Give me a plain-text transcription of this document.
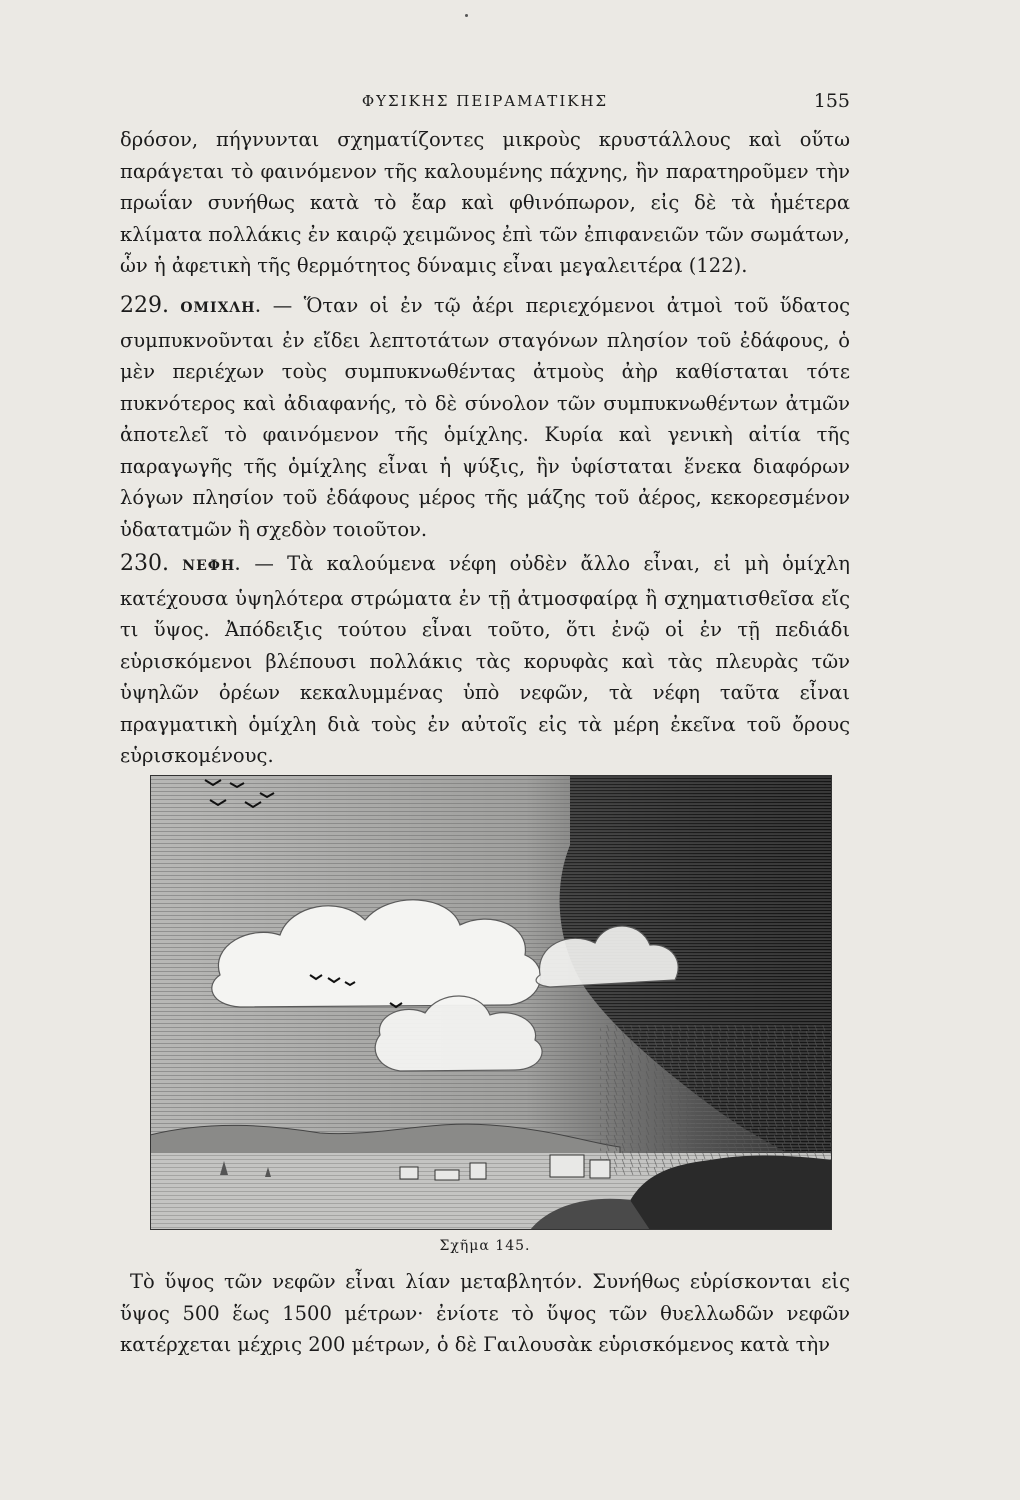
ΦΥΣΙΚΗΣ ΠΕΙΡΑΜΑΤΙΚΗΣ	155

δρόσον, πήγνυνται σχηματίζοντες μικροὺς κρυστάλλους καὶ οὕτω παράγεται τὸ φαινόμενον τῆς καλουμένης πάχνης, ἣν παρατηροῦμεν τὴν πρωΐαν συνήθως κατὰ τὸ ἔαρ καὶ φθινόπωρον, εἰς δὲ τὰ ἡμέτερα κλίματα πολλάκις ἐν καιρῷ χειμῶνος ἐπὶ τῶν ἐπιφανειῶν τῶν σωμάτων, ὧν ἡ ἀφετικὴ τῆς θερμότητος δύναμις εἶναι μεγαλειτέρα (122).

229. ΟΜΙΧΛΗ. — Ὅταν οἱ ἐν τῷ ἀέρι περιεχόμενοι ἀτμοὶ τοῦ ὕδατος συμπυκνοῦνται ἐν εἴδει λεπτοτάτων σταγόνων πλησίον τοῦ ἐδάφους, ὁ μὲν περιέχων τοὺς συμπυκνωθέντας ἀτμοὺς ἀὴρ καθίσταται τότε πυκνότερος καὶ ἀδιαφανής, τὸ δὲ σύνολον τῶν συμπυκνωθέντων ἀτμῶν ἀποτελεῖ τὸ φαινόμενον τῆς ὁμίχλης. Κυρία καὶ γενικὴ αἰτία τῆς παραγωγῆς τῆς ὁμίχλης εἶναι ἡ ψύξις, ἣν ὑφίσταται ἕνεκα διαφόρων λόγων πλησίον τοῦ ἐδάφους μέρος τῆς μάζης τοῦ ἀέρος, κεκορεσμένον ὑδατατμῶν ἢ σχεδὸν τοιοῦτον.

230. ΝΕΦΗ. — Τὰ καλούμενα νέφη οὐδὲν ἄλλο εἶναι, εἰ μὴ ὁμίχλη κατέχουσα ὑψηλότερα στρώματα ἐν τῇ ἀτμοσφαίρᾳ ἢ σχηματισθεῖσα εἴς τι ὕψος. Ἀπόδειξις τούτου εἶναι τοῦτο, ὅτι ἐνῷ οἱ ἐν τῇ πεδιάδι εὑρισκόμενοι βλέπουσι πολλάκις τὰς κορυφὰς καὶ τὰς πλευρὰς τῶν ὑψηλῶν ὀρέων κεκαλυμμένας ὑπὸ νεφῶν, τὰ νέφη ταῦτα εἶναι πραγματικὴ ὁμίχλη διὰ τοὺς ἐν αὐτοῖς εἰς τὰ μέρη ἐκεῖνα τοῦ ὄρους εὑρισκομένους.

Σχῆμα 145.

Τὸ ὕψος τῶν νεφῶν εἶναι λίαν μεταβλητόν. Συνήθως εὑρίσκονται εἰς ὕψος 500 ἕως 1500 μέτρων· ἐνίοτε τὸ ὕψος τῶν θυελλωδῶν νεφῶν κατέρχεται μέχρις 200 μέτρων, ὁ δὲ Γαιλουσὰκ εὑρισκόμενος κατὰ τὴν
